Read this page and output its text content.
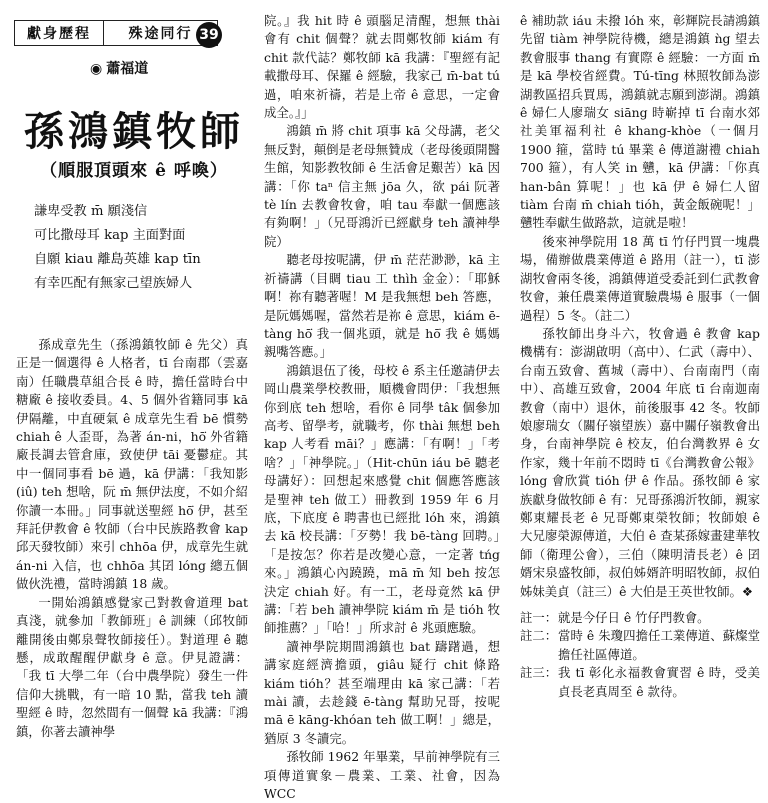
獻身歷程	殊途同行 39
◉ 蕭福道
孫鴻鎮牧師
（順服頂頭來 ê 呼喚）
謙卑受教 m̄ 願淺信
可比撒母耳 kap 主面對面
自願 kiau 離島英雄 kap tīn
有幸匹配有無家己望族婦人

孫成章先生（孫鴻鎮牧師 ê 先父）真正是一個選得 ê 人格者，tī 台南郡（雲嘉南）任職農草組合長 ê 時，擔任當時台中糖廠 ê 接收委員。4、5 個外省籍同事 kā 伊隔離，中直硬氣 ê 成章先生看 bē 慣勢 chiah ê 人歪哥，為著 án-ni，hō͘ 外省籍廠長調去管倉庫，致使伊 tāi 憂鬱症。其中一個同事看 bē 過，kā 伊講：「我知影 (iû) teh 想啥，阮 m̄ 無伊法度，不如介紹你讀一本冊。」同事就送聖經 hō͘ 伊，甚至拜託伊教會 ê 牧師（台中民族路教會 kap 邱天發牧師）來引 chhōa 伊，成章先生就 án-ni 入信，也 chhōa 其囝 lóng 總五個做伙洗禮，當時鴻鎮 18 歲。

一開始鴻鎮感覺家己對教會道理 bat 真淺，就參加「教師班」ê 訓練（邱牧師離開後由鄭泉聲牧師接任）。對道理 ê 聽懸，成敢醒醒伊獻身 ê 意。伊見證講：「我 tī 大學二年（台中農學院）發生一件信仰大挑戰，有一暗 10 點，當我 teh 讀聖經 ê 時，忽然間有一個聲 kā 我講：『鴻鎮，你著去讀神學

院。』我 hit 時 ê 頭腦足清醒，想無 thài 會有 chit 個聲？就去問鄭牧師 kiám 有 chit 款代誌？鄭牧師 kā 我講：『聖經有記載撒母耳、保羅 ê 經驗，我家己 m̄-bat tú 過，咱來祈禱，若是上帝 ê 意思，一定會成全。』」

鴻鎮 m̄ 將 chit 項事 kā 父母講，老父無反對，顛倒是老母無贊成（老母後頭開醫生館，知影教牧師 ê 生活會足艱苦）kā 因講：「你 taⁿ 信主無 jōa 久，欲 pái 阮著 tè lín 去教會牧會，咱 tau 奉獻一個應該有夠啊！」（兄哥鴻沂已經獻身 teh 讀神學院）

聽老母按呢講，伊 m̄ 茫茫渺渺，kā 主祈禱講（目睭 tiau 工 thìh 金金）：「耶穌啊！祢有聽著喔！M 是我無想 beh 答應，是阮媽媽喔，當然若是祢 ê 意思，kiám ē-tàng hō͘ 我一個兆頭，就是 hō͘ 我 ê 媽媽親嘴答應。」

鴻鎮退伍了後，母校 ê 系主任邀請伊去岡山農業學校教冊，順機會問伊：「我想無你到底 teh 想啥，看你 ê 同學 tâk 個參加高考、留學考，就職考，你 thài 無想 beh kap 人考看 māi？」應講：「有啊！」「考啥？」「神學院。」（Hit-chūn iáu bē 聽老母講好）：回想起來感覺 chit 個應答應該是聖神 teh 做工）冊教到 1959 年 6 月底，下底度 ê 聘書也已經批 lóh 來，鴻鎮去 kā 校長講：「歹勢！我 bē-tàng 回聘。」「是按怎？你若是改變心意，一定著 tńg 來。」鴻鎮心內蹺蹺，mā m̄ 知 beh 按怎決定 chiah 好。有一工，老母竟然 kā 伊講：「若 beh 讀神學院 kiám m̄ 是 tióh 牧師推薦？」「哈！」所求討 ê 兆頭應驗。

讀神學院期間鴻鎮也 bat 躊躇過，想講家庭經濟擔頭，giâu 疑行 chit 條路 kiám tióh？甚至端理由 kā 家己講：「若 mài 讀，去趁錢 ē-tàng 幫助兄哥，按呢 mā ē kāng-khóan teh 做工啊！」總是，猶原 3 冬讀完。

孫牧師 1962 年畢業，早前神學院有三項傳道實象－農業、工業、社會，因為 WCC

ê 補助款 iáu 未撥 lóh 來，彰輝院長請鴻鎮先留 tiàm 神學院待機，總是鴻鎮 ǹg 望去教會服事 thang 有實際 ê 經驗：一方面 m̄ 是 kā 學校省經費。Tú-tīng 林照牧師為澎湖教區招兵買馬，鴻鎮就志願到澎湖。鴻鎮 ê 婦仁人廖瑞女 siāng 時嶄掉 tī 台南水郊社美軍福利社 ê khang-khòe（一個月 1900 箍，當時 tú 畢業 ê 傳道謝禮 chiah 700 箍），有人笑 in 戇，kā 伊講：「你真 han-bân 算呢！」也 kā 伊 ê 婦仁人留 tiàm 台南 m̄ chiah tióh，黃金飯碗呢！」戇牲奉獻生做路款，這就是啦！

後來神學院用 18 萬 tī 竹仔門買一塊農場，備辦做農業傳道 ê 路用（註一），tī 澎湖牧會兩冬後，鴻鎮傳道受委託到仁武教會牧會，兼任農業傳道實驗農場 ê 服事（一個過程）5 冬。（註二）

孫牧師出身斗六，牧會過 ê 教會 kap 機構有：澎湖啟明（高中）、仁武（壽中）、台南五致會、舊城（壽中）、台南南門（南中）、高雄互致會，2004 年底 tī 台南迦南教會（南中）退休，前後服事 42 冬。牧師娘廖瑞女（關仔嶺望族）嘉中關仔嶺教會出身，台南神學院 ê 校友，伯台灣教界 ê 女作家，幾十年前不悶時 tī《台灣教會公報》lóng 會欣賞 tióh 伊 ê 作品。孫牧師 ê 家族獻身做牧師 ê 有：兄哥孫鴻沂牧師，親家鄭東耀長老 ê 兄哥鄭東榮牧師；牧師娘 ê 大兄廖榮源傳道，大伯 ê 查某孫嫁畫建華牧師（衛理公會），三伯（陳明清長老）ê 囝婿宋泉盛牧師，叔伯姊婿許明昭牧師，叔伯姊妹美貞（註三）ê 大伯是王英世牧師。❖

註一： 就是今仔日 ê 竹仔門教會。
註二： 當時 ê 朱瓊四擔任工業傳道、蘇燦堂擔任社區傳道。
註三： 我 tī 彰化永福教會實習 ê 時，受美貞長老真周至 ê 款待。
